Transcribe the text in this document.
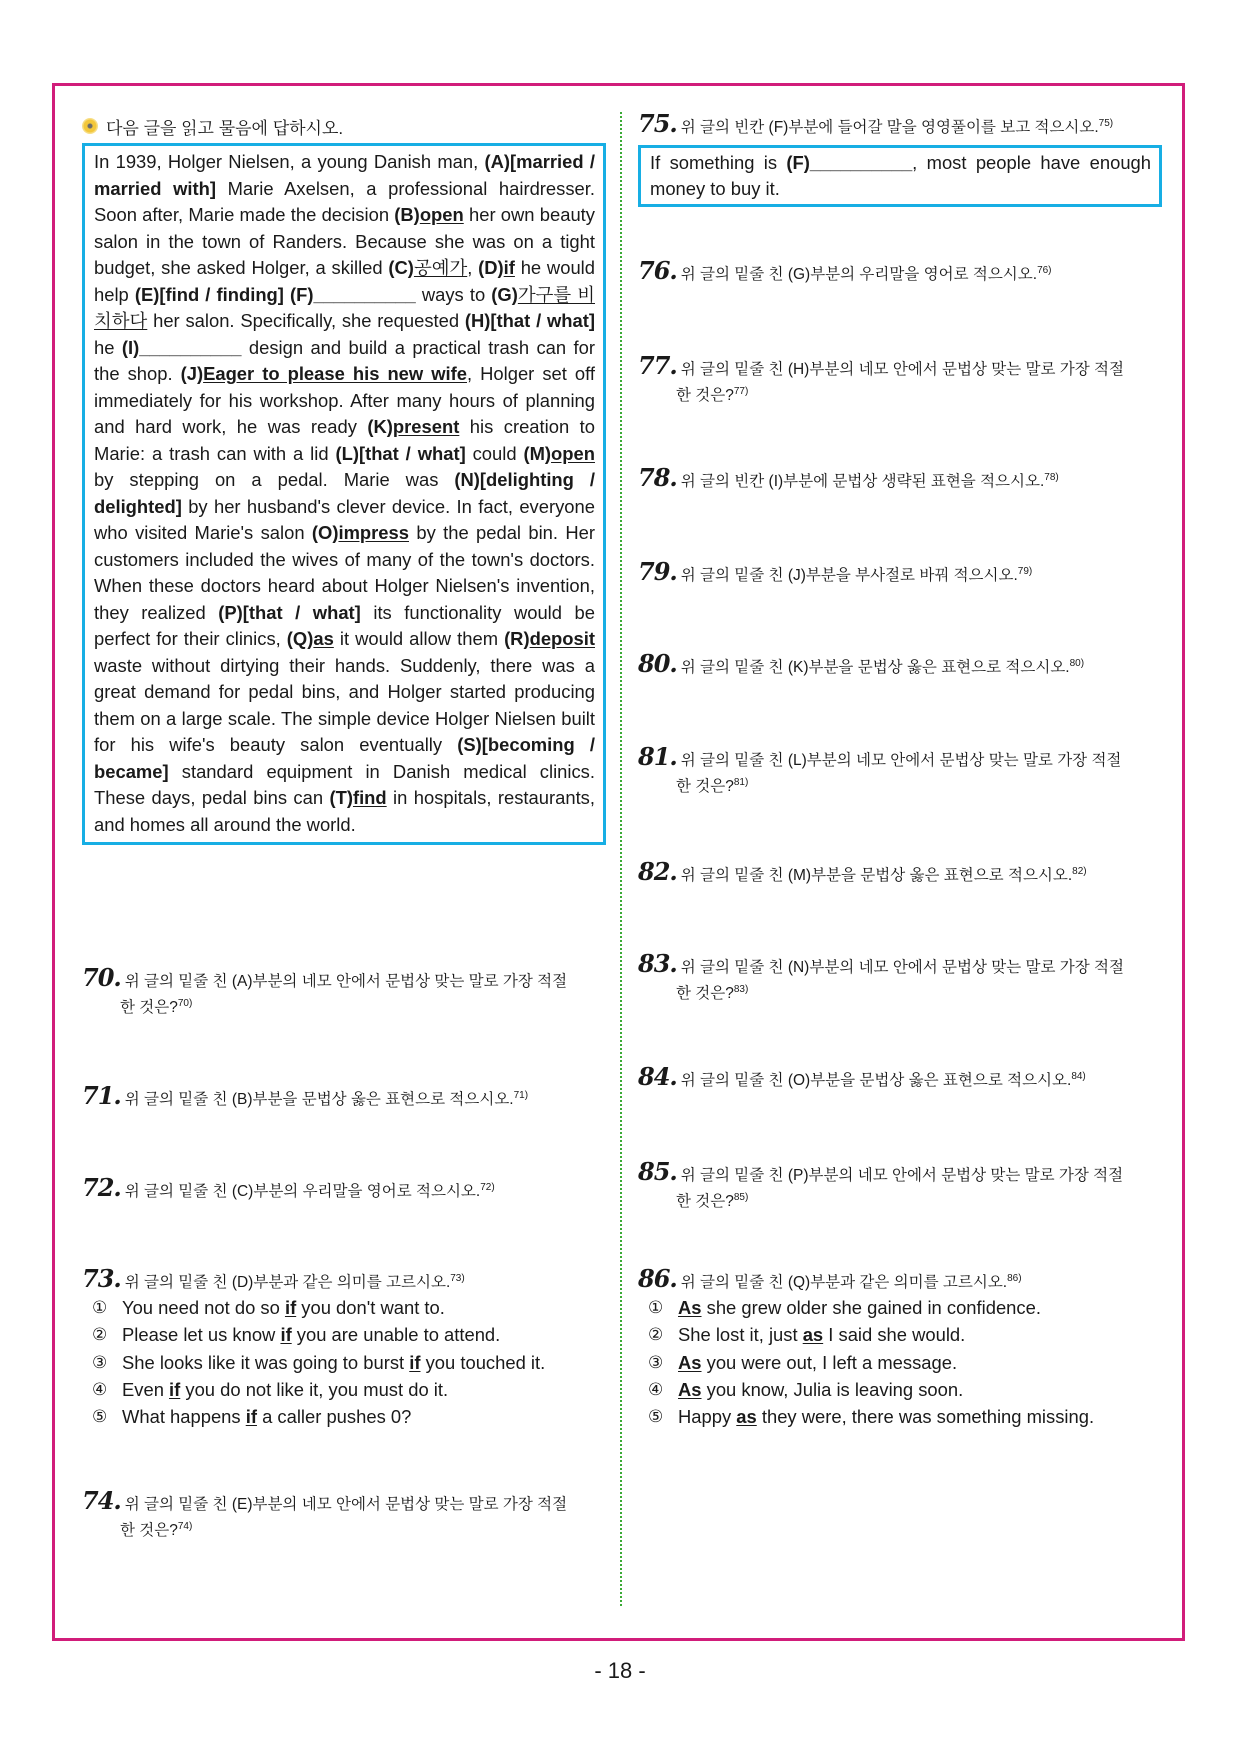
다음 글을 읽고 물음에 답하시오.
In 1939, Holger Nielsen, a young Danish man, (A)[married / married with] Marie Axelsen, a professional hairdresser. Soon after, Marie made the decision (B)open her own beauty salon in the town of Randers. Because she was on a tight budget, she asked Holger, a skilled (C)공예가, (D)if he would help (E)[find / finding] (F)__________ ways to (G)가구를 비치하다 her salon. Specifically, she requested (H)[that / what] he (I)__________ design and build a practical trash can for the shop. (J)Eager to please his new wife, Holger set off immediately for his workshop. After many hours of planning and hard work, he was ready (K)present his creation to Marie: a trash can with a lid (L)[that / what] could (M)open by stepping on a pedal. Marie was (N)[delighting / delighted] by her husband's clever device. In fact, everyone who visited Marie's salon (O)impress by the pedal bin. Her customers included the wives of many of the town's doctors. When these doctors heard about Holger Nielsen's invention, they realized (P)[that / what] its functionality would be perfect for their clinics, (Q)as it would allow them (R)deposit waste without dirtying their hands. Suddenly, there was a great demand for pedal bins, and Holger started producing them on a large scale. The simple device Holger Nielsen built for his wife's beauty salon eventually (S)[becoming / became] standard equipment in Danish medical clinics. These days, pedal bins can (T)find in hospitals, restaurants, and homes all around the world.
70. 위 글의 밑줄 친 (A)부분의 네모 안에서 문법상 맞는 말로 가장 적절
한 것은?$^{70)}$
71. 위 글의 밑줄 친 (B)부분을 문법상 옳은 표현으로 적으시오.$^{71)}$
72. 위 글의 밑줄 친 (C)부분의 우리말을 영어로 적으시오.$^{72)}$
73. 위 글의 밑줄 친 (D)부분과 같은 의미를 고르시오.$^{73)}$
① You need not do so if you don't want to.
② Please let us know if you are unable to attend.
③ She looks like it was going to burst if you touched it.
④ Even if you do not like it, you must do it.
⑤ What happens if a caller pushes 0?
74. 위 글의 밑줄 친 (E)부분의 네모 안에서 문법상 맞는 말로 가장 적절
한 것은?$^{74)}$
75. 위 글의 빈칸 (F)부분에 들어갈 말을 영영풀이를 보고 적으시오.$^{75)}$
If something is (F)__________, most people have enough money to buy it.
76. 위 글의 밑줄 친 (G)부분의 우리말을 영어로 적으시오.$^{76)}$
77. 위 글의 밑줄 친 (H)부분의 네모 안에서 문법상 맞는 말로 가장 적절
한 것은?$^{77)}$
78. 위 글의 빈칸 (I)부분에 문법상 생략된 표현을 적으시오.$^{78)}$
79. 위 글의 밑줄 친 (J)부분을 부사절로 바꿔 적으시오.$^{79)}$
80. 위 글의 밑줄 친 (K)부분을 문법상 옳은 표현으로 적으시오.$^{80)}$
81. 위 글의 밑줄 친 (L)부분의 네모 안에서 문법상 맞는 말로 가장 적절
한 것은?$^{81)}$
82. 위 글의 밑줄 친 (M)부분을 문법상 옳은 표현으로 적으시오.$^{82)}$
83. 위 글의 밑줄 친 (N)부분의 네모 안에서 문법상 맞는 말로 가장 적절
한 것은?$^{83)}$
84. 위 글의 밑줄 친 (O)부분을 문법상 옳은 표현으로 적으시오.$^{84)}$
85. 위 글의 밑줄 친 (P)부분의 네모 안에서 문법상 맞는 말로 가장 적절
한 것은?$^{85)}$
86. 위 글의 밑줄 친 (Q)부분과 같은 의미를 고르시오.$^{86)}$
① As she grew older she gained in confidence.
② She lost it, just as I said she would.
③ As you were out, I left a message.
④ As you know, Julia is leaving soon.
⑤ Happy as they were, there was something missing.
- 18 -
